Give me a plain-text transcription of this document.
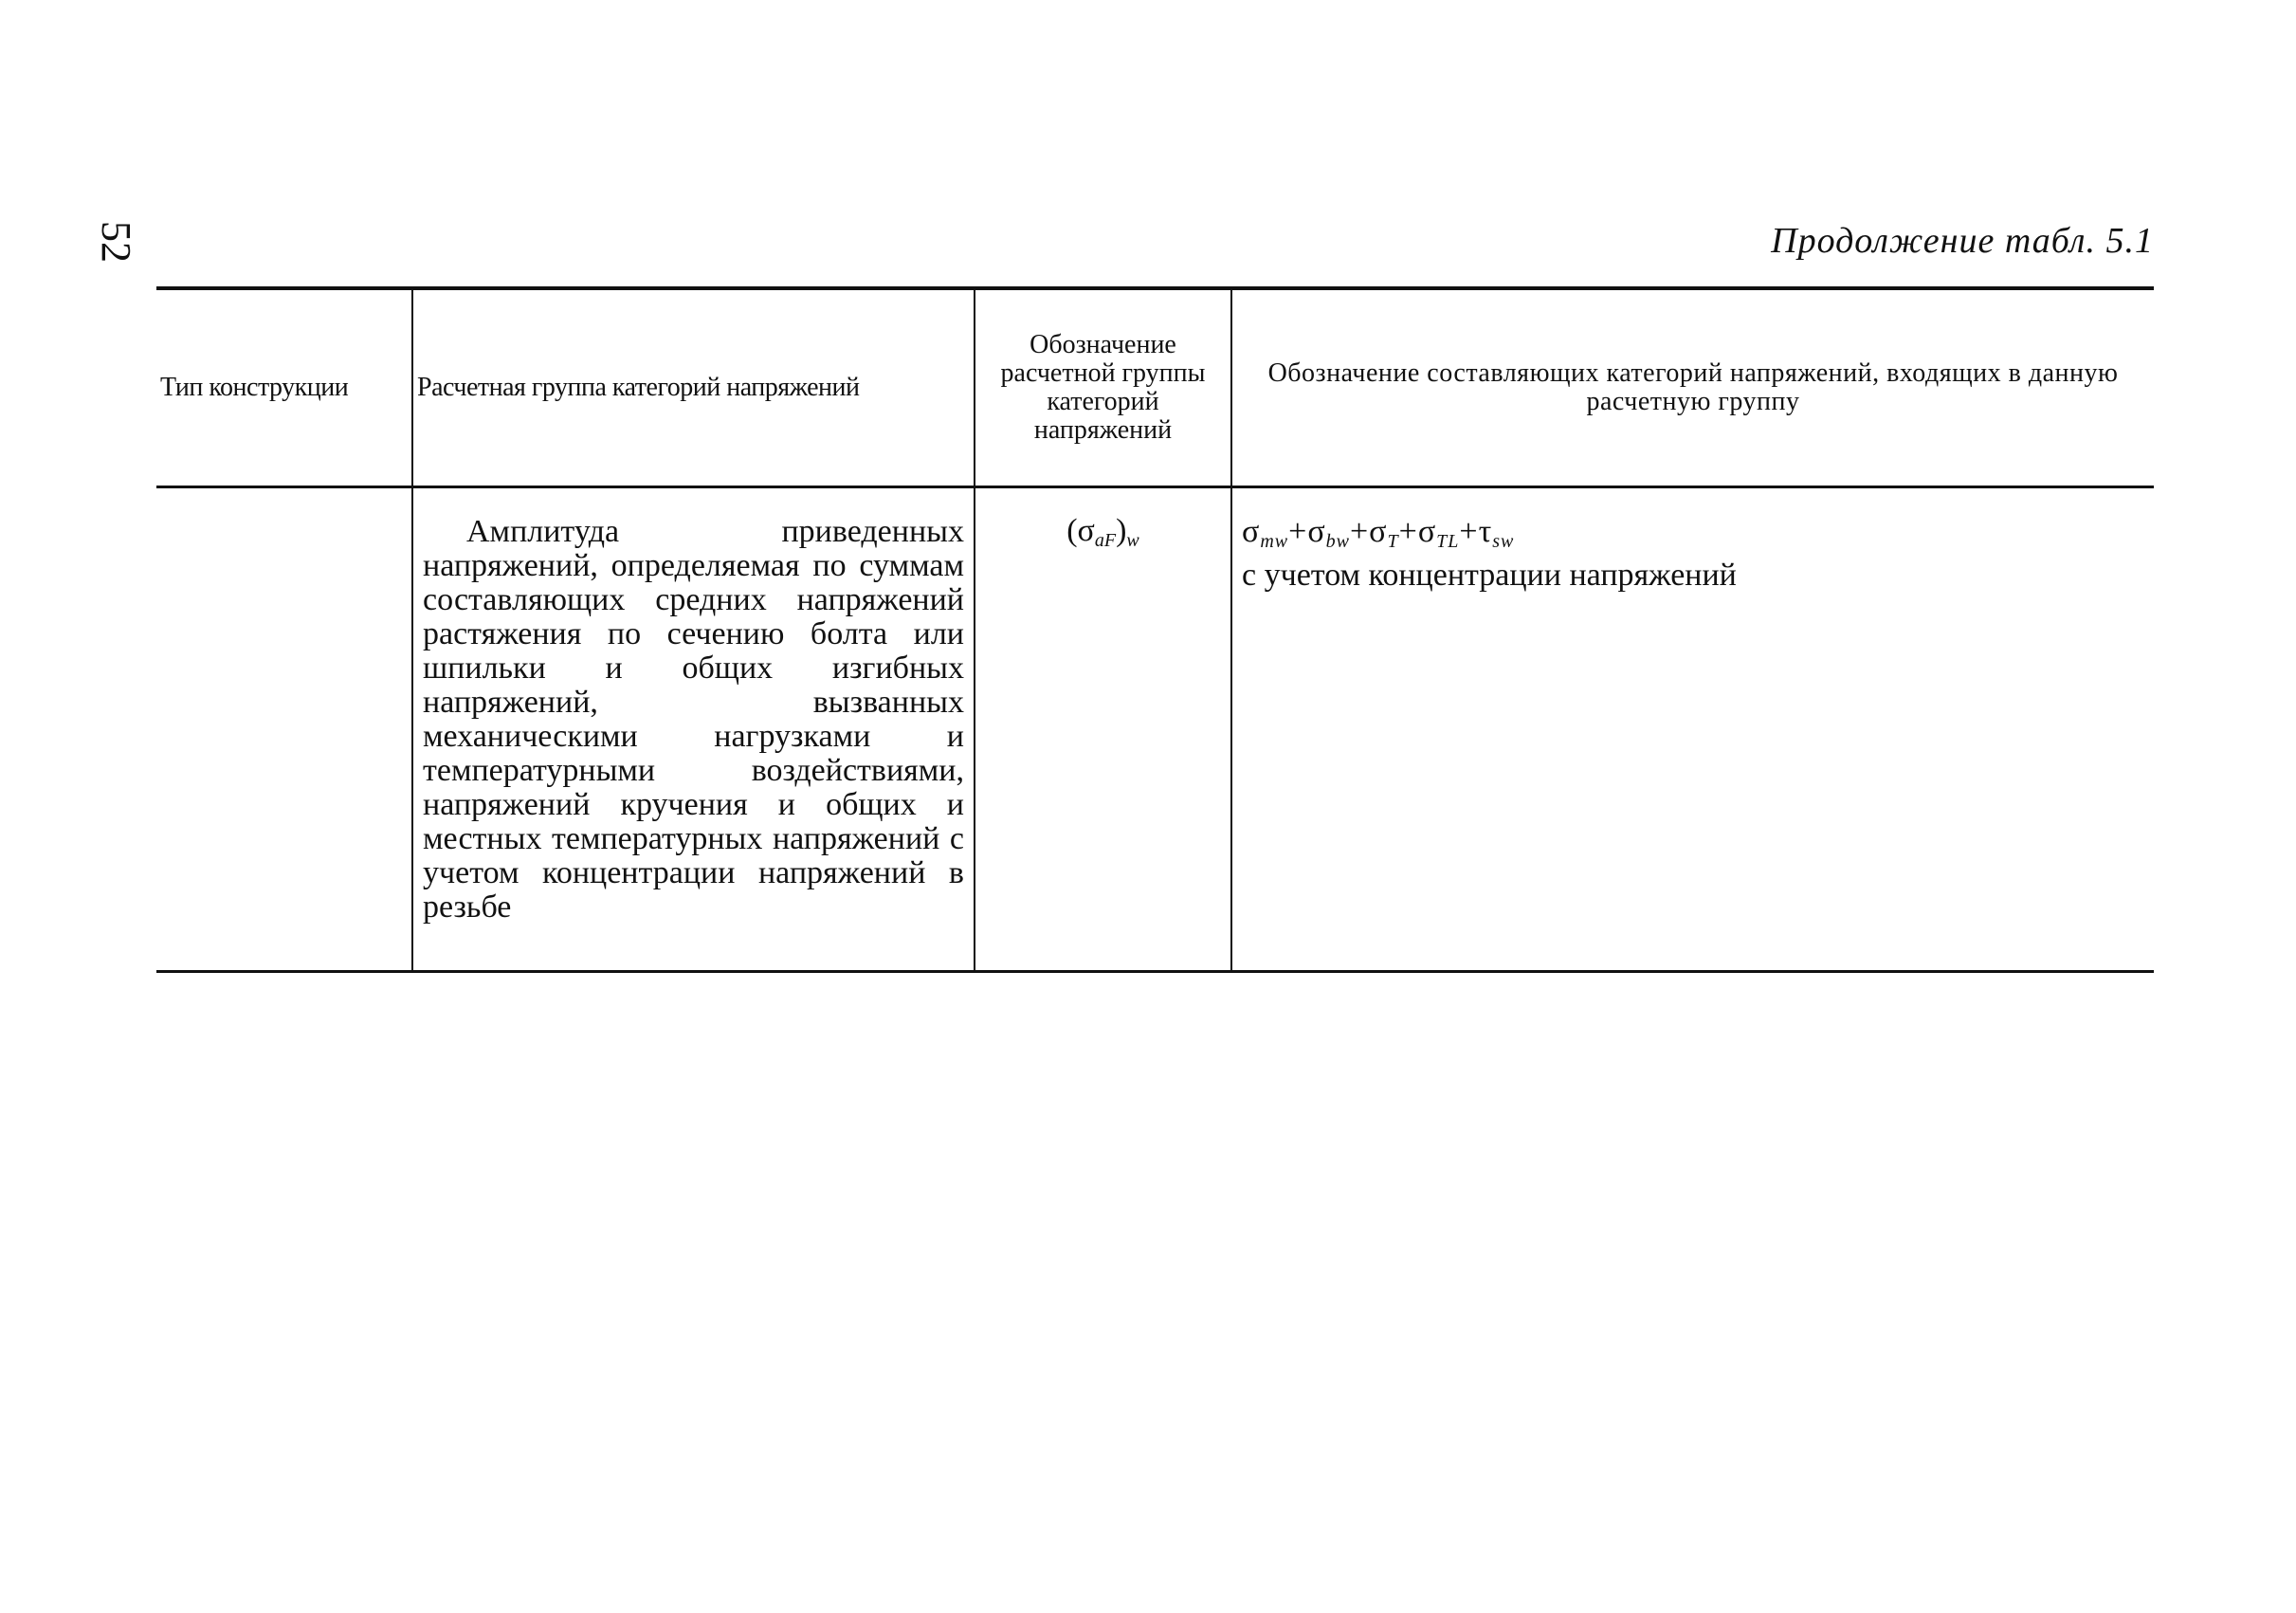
52	Продолжение табл. 5.1
Тип конструкции	Расчетная группа категорий напряжений	Обозначение расчетной группы категорий напряжений	Обозначение составляющих категорий напряжений, входящих в данную расчетную группу
	Амплитуда приведенных напряжений, определяемая по суммам составляющих средних напряжений растяжения по сечению болта или шпильки и общих изгибных напряжений, вызванных механическими нагрузками и температурными воздействиями, напряжений кручения и общих и местных температурных напряжений с учетом концентрации напряжений в резьбе	$(\sigma_{aF})_w$	$\sigma_{mw}+\sigma_{bw}+\sigma_T+\sigma_{TL}+\tau_{sw}$
с учетом концентрации напряжений
